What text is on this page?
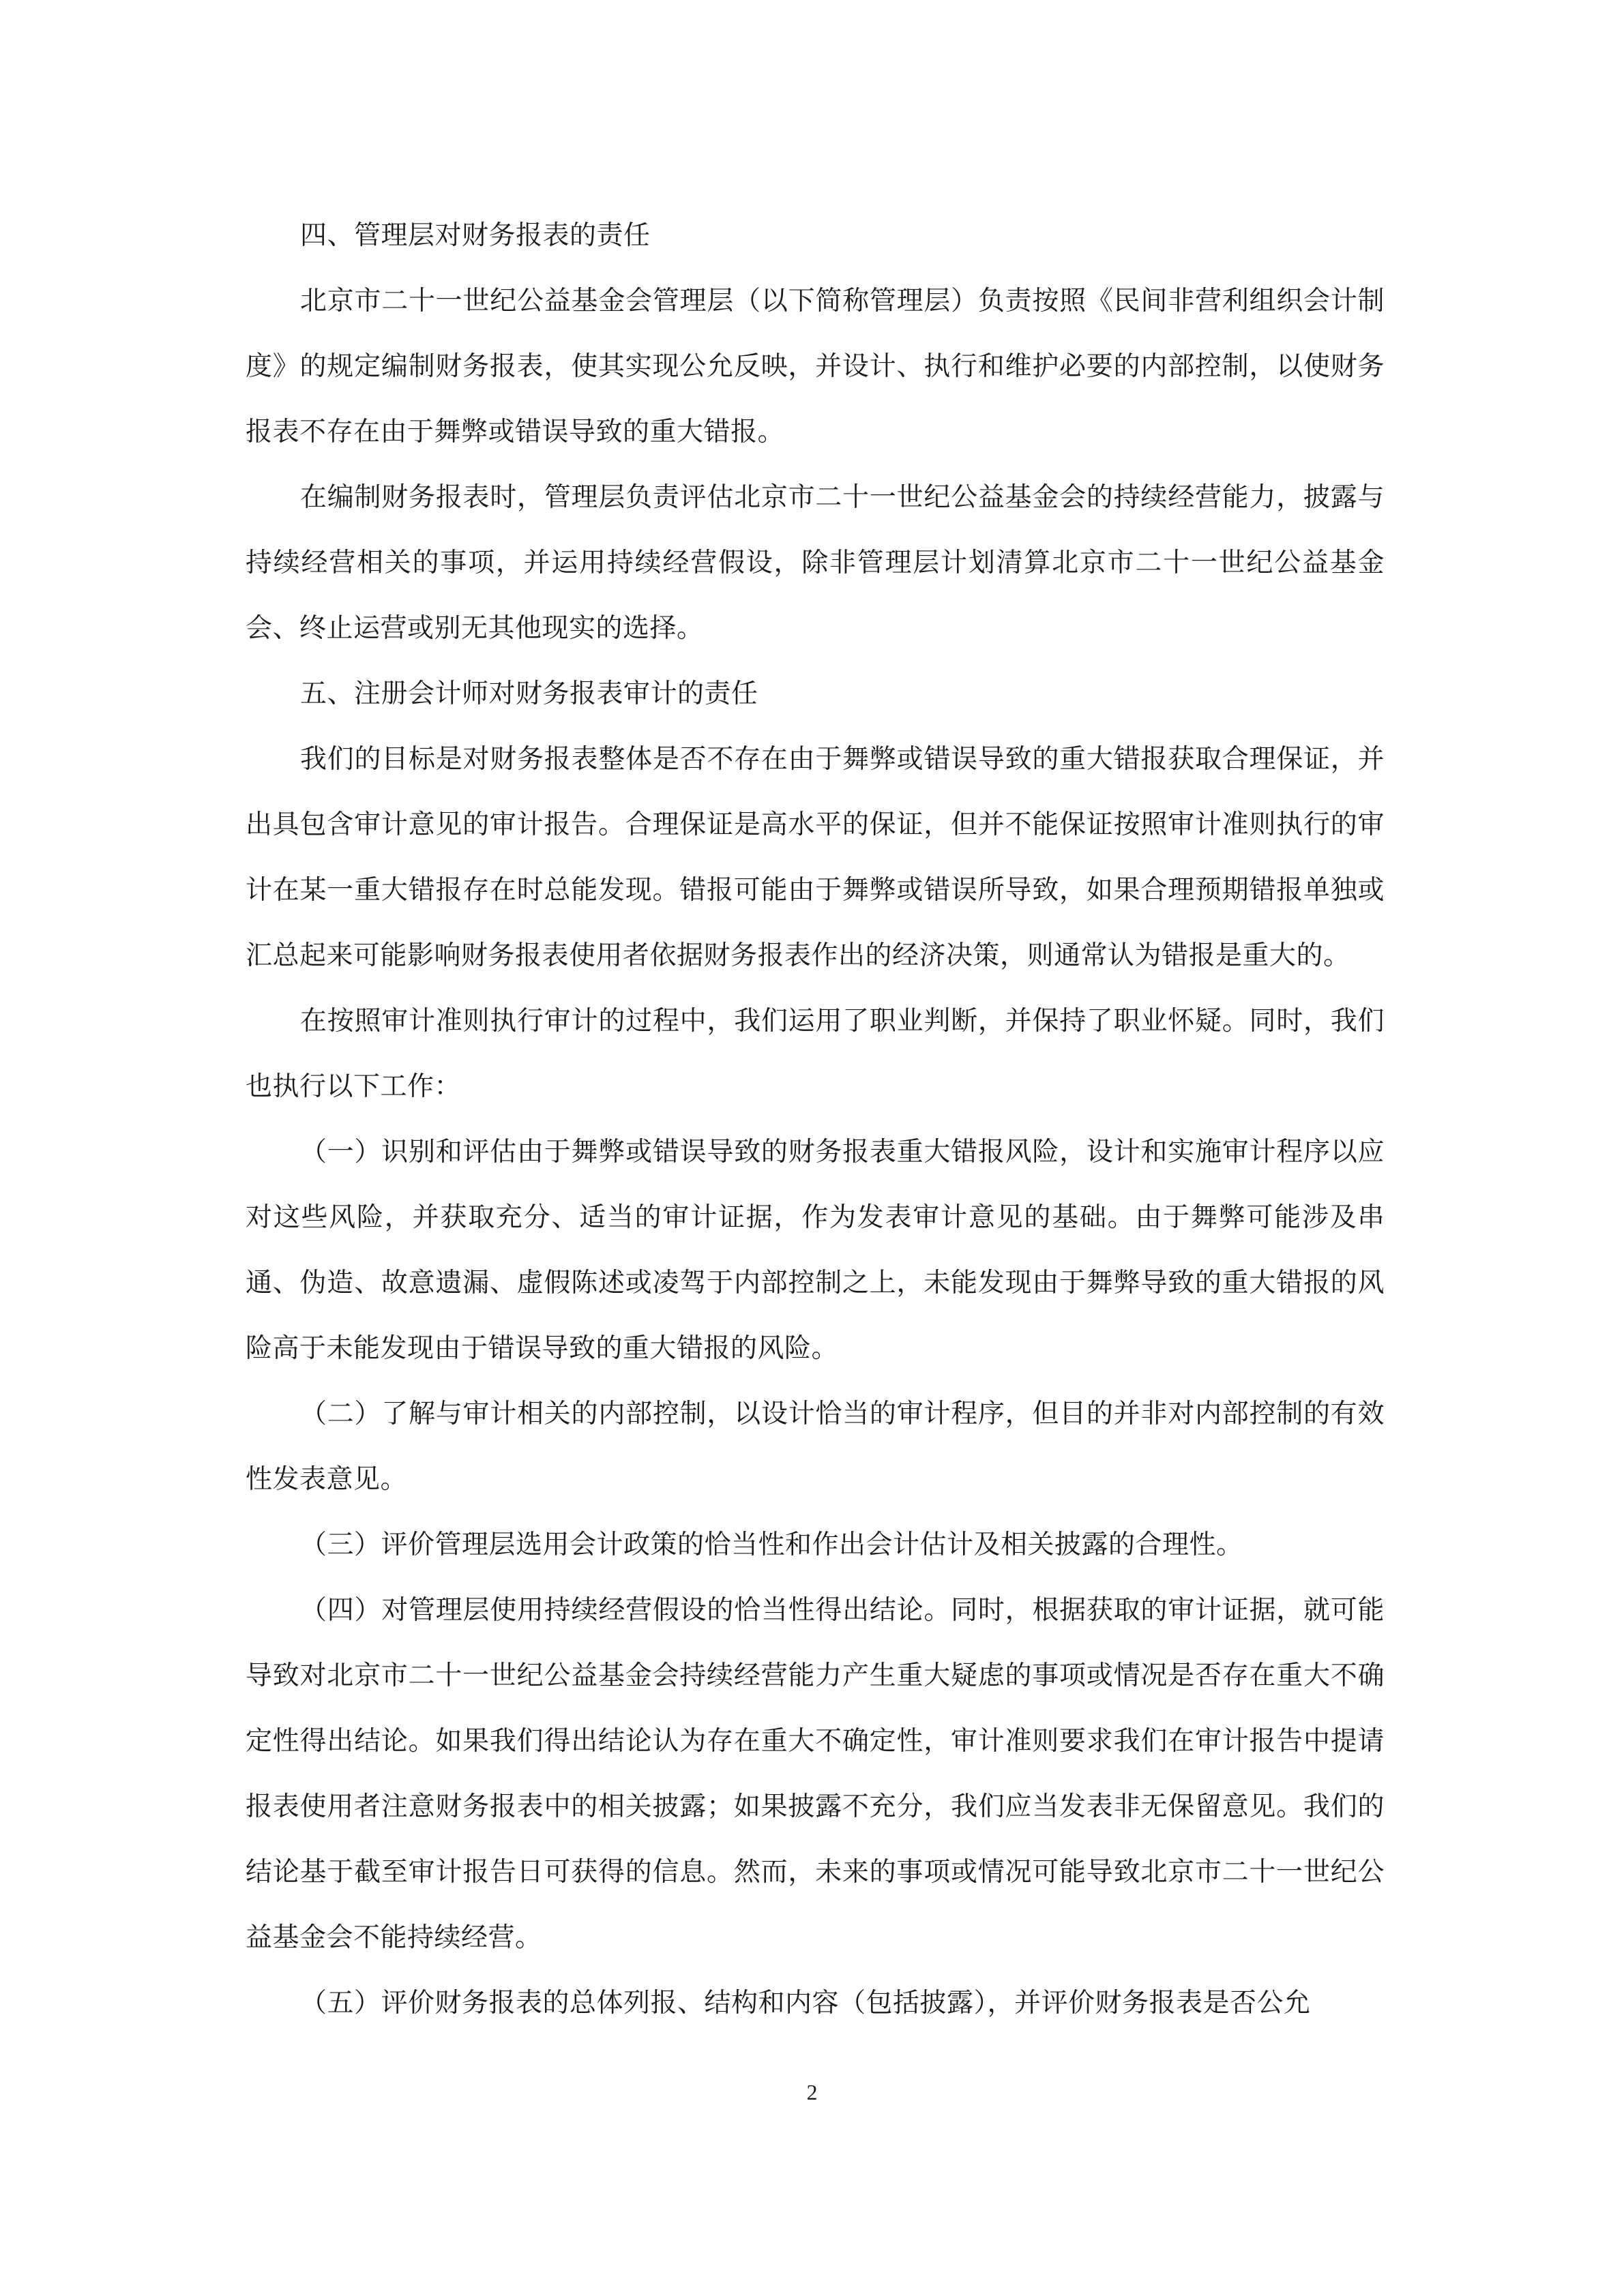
四、管理层对财务报表的责任

北京市二十一世纪公益基金会管理层（以下简称管理层）负责按照《民间非营利组织会计制度》的规定编制财务报表，使其实现公允反映，并设计、执行和维护必要的内部控制，以使财务报表不存在由于舞弊或错误导致的重大错报。

在编制财务报表时，管理层负责评估北京市二十一世纪公益基金会的持续经营能力，披露与持续经营相关的事项，并运用持续经营假设，除非管理层计划清算北京市二十一世纪公益基金会、终止运营或别无其他现实的选择。

五、注册会计师对财务报表审计的责任

我们的目标是对财务报表整体是否不存在由于舞弊或错误导致的重大错报获取合理保证，并出具包含审计意见的审计报告。合理保证是高水平的保证，但并不能保证按照审计准则执行的审计在某一重大错报存在时总能发现。错报可能由于舞弊或错误所导致，如果合理预期错报单独或汇总起来可能影响财务报表使用者依据财务报表作出的经济决策，则通常认为错报是重大的。

在按照审计准则执行审计的过程中，我们运用了职业判断，并保持了职业怀疑。同时，我们也执行以下工作：

（一）识别和评估由于舞弊或错误导致的财务报表重大错报风险，设计和实施审计程序以应对这些风险，并获取充分、适当的审计证据，作为发表审计意见的基础。由于舞弊可能涉及串通、伪造、故意遗漏、虚假陈述或凌驾于内部控制之上，未能发现由于舞弊导致的重大错报的风险高于未能发现由于错误导致的重大错报的风险。

（二）了解与审计相关的内部控制，以设计恰当的审计程序，但目的并非对内部控制的有效性发表意见。

（三）评价管理层选用会计政策的恰当性和作出会计估计及相关披露的合理性。

（四）对管理层使用持续经营假设的恰当性得出结论。同时，根据获取的审计证据，就可能导致对北京市二十一世纪公益基金会持续经营能力产生重大疑虑的事项或情况是否存在重大不确定性得出结论。如果我们得出结论认为存在重大不确定性，审计准则要求我们在审计报告中提请报表使用者注意财务报表中的相关披露；如果披露不充分，我们应当发表非无保留意见。我们的结论基于截至审计报告日可获得的信息。然而，未来的事项或情况可能导致北京市二十一世纪公益基金会不能持续经营。

（五）评价财务报表的总体列报、结构和内容（包括披露），并评价财务报表是否公允

2
